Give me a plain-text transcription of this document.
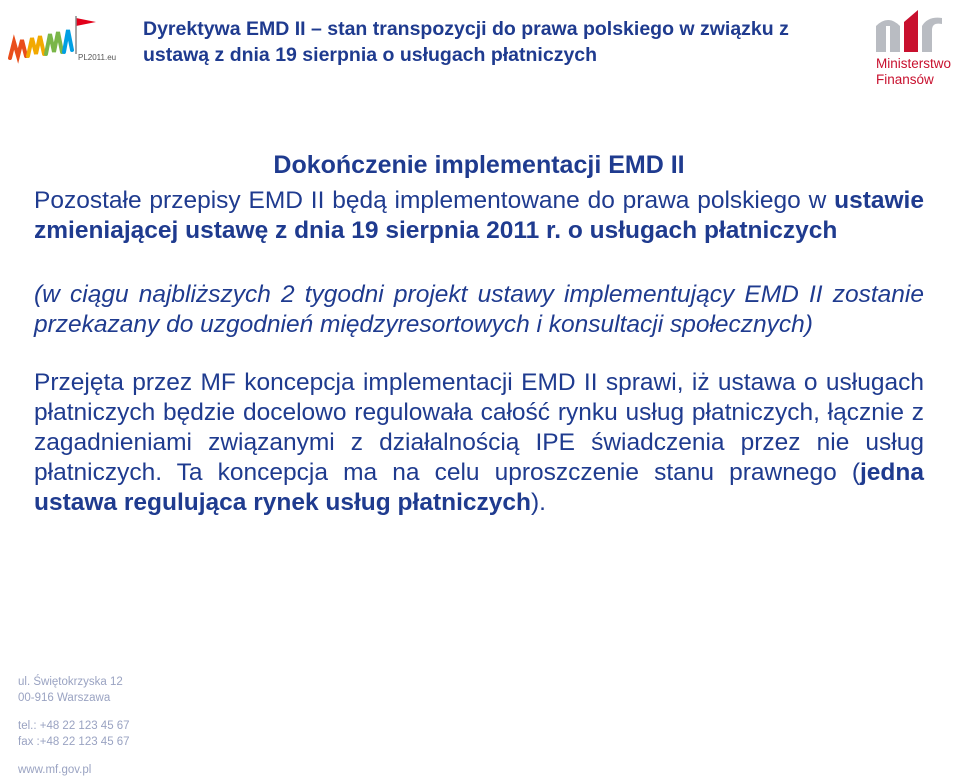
PL2011.eu
Dyrektywa EMD II – stan transpozycji do prawa polskiego w związku z
ustawą z dnia 19 sierpnia o usługach płatniczych	Ministerstwo
Finansów
Dokończenie implementacji EMD II

Pozostałe przepisy EMD II będą implementowane do prawa polskiego w ustawie zmieniającej ustawę z dnia 19 sierpnia 2011 r. o usługach płatniczych

(w ciągu najbliższych 2 tygodni projekt ustawy implementujący EMD II zostanie przekazany do uzgodnień międzyresortowych i konsultacji społecznych)

Przejęta przez MF koncepcja implementacji EMD II sprawi, iż ustawa o usługach płatniczych będzie docelowo regulowała całość rynku usług płatniczych, łącznie z zagadnieniami związanymi z działalnością IPE świadczenia przez nie usług płatniczych. Ta koncepcja ma na celu uproszczenie stanu prawnego (jedna ustawa regulująca rynek usług płatniczych).

ul. Świętokrzyska 12
00-916 Warszawa
tel.: +48 22 123 45 67
fax :+48 22 123 45 67
www.mf.gov.pl
